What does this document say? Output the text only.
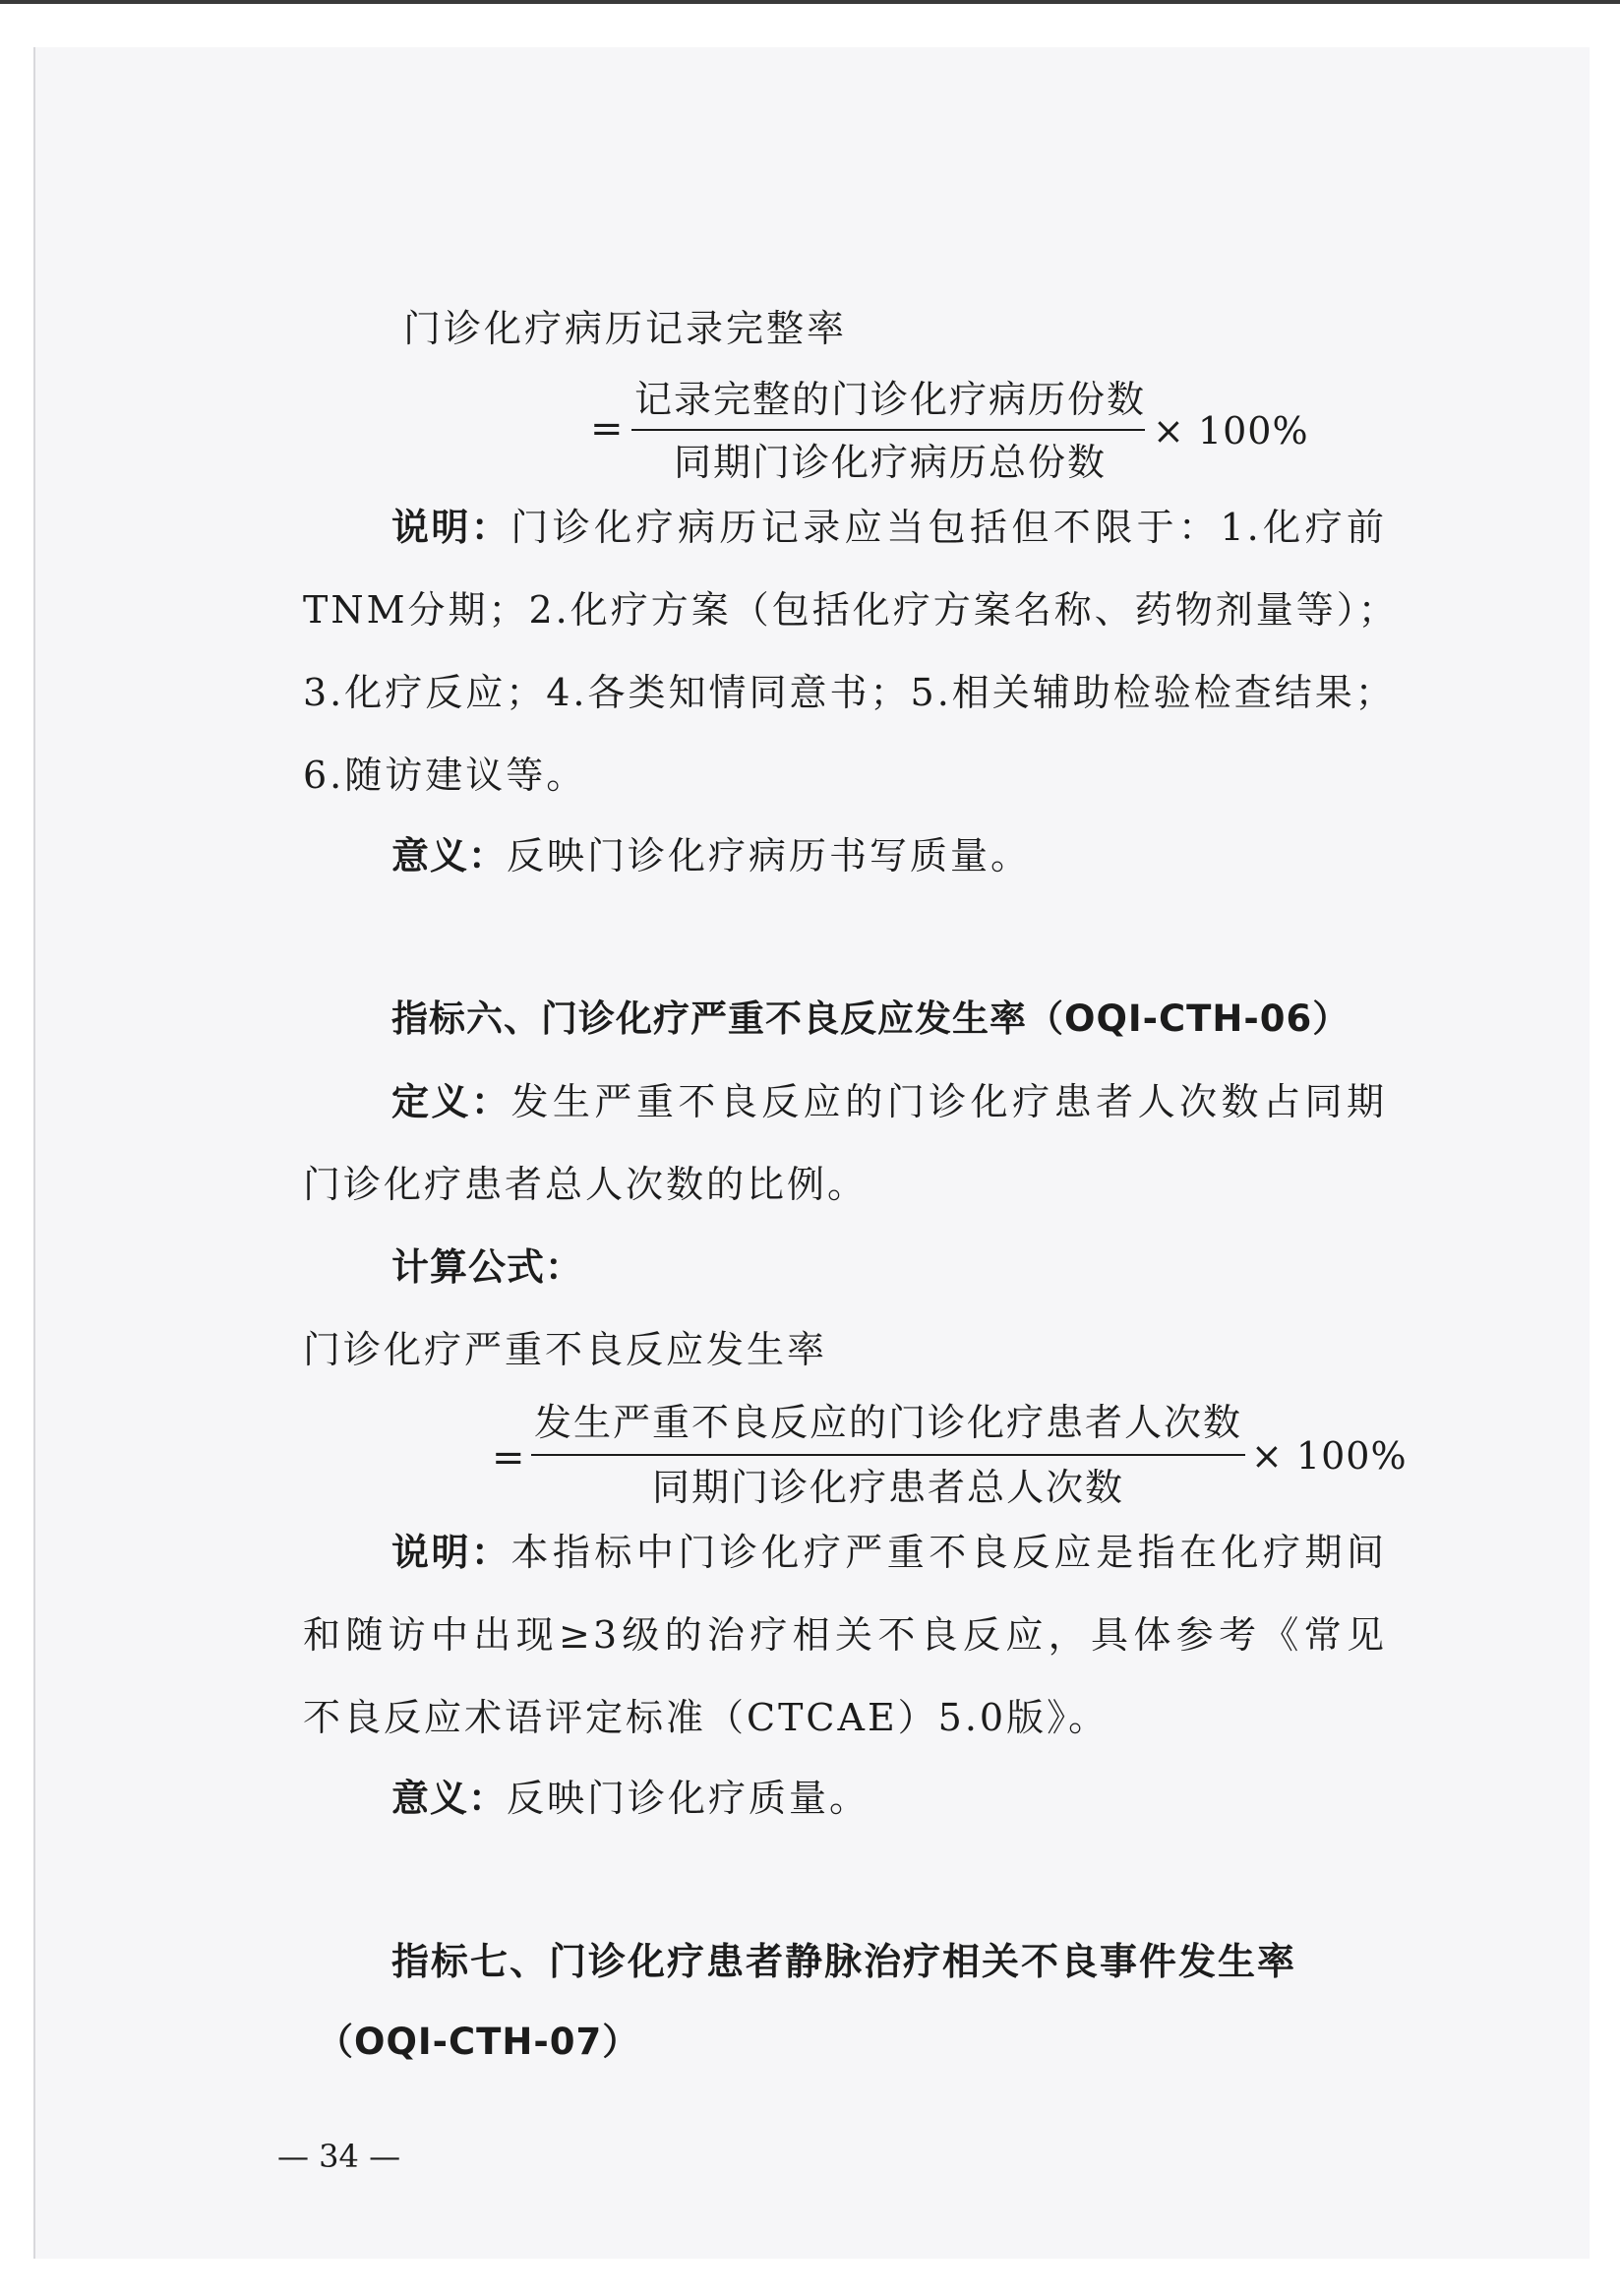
门诊化疗病历记录完整率

=
记录完整的门诊化疗病历份数
同期门诊化疗病历总份数
× 100%

说明：门诊化疗病历记录应当包括但不限于：1.化疗前

TNM分期；2.化疗方案（包括化疗方案名称、药物剂量等）；

3.化疗反应；4.各类知情同意书；5.相关辅助检验检查结果；

6.随访建议等。

意义：反映门诊化疗病历书写质量。

指标六、门诊化疗严重不良反应发生率（OQI-CTH-06）

定义：发生严重不良反应的门诊化疗患者人次数占同期

门诊化疗患者总人次数的比例。

计算公式：

门诊化疗严重不良反应发生率

=
发生严重不良反应的门诊化疗患者人次数
同期门诊化疗患者总人次数
× 100%

说明：本指标中门诊化疗严重不良反应是指在化疗期间

和随访中出现≥3级的治疗相关不良反应，具体参考《常见

不良反应术语评定标准（CTCAE）5.0版》。

意义：反映门诊化疗质量。

指标七、门诊化疗患者静脉治疗相关不良事件发生率

（OQI-CTH-07）

— 34 —
